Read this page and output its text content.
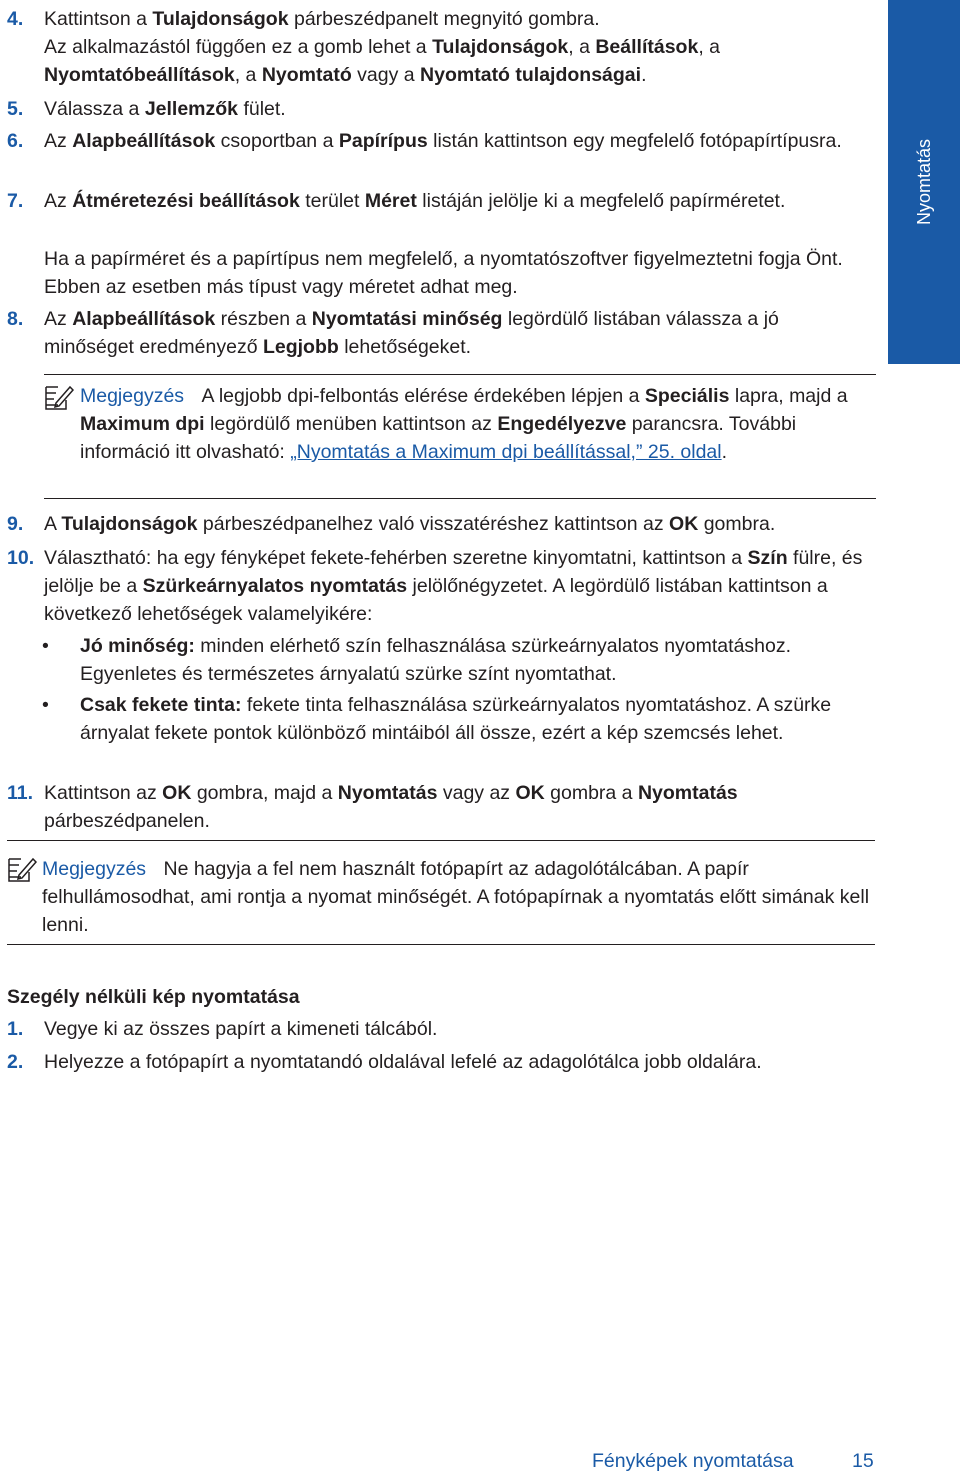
Nyomtatás
4. Kattintson a Tulajdonságok párbeszédpanelt megnyitó gombra.
Az alkalmazástól függően ez a gomb lehet a Tulajdonságok, a Beállítások, a Nyomtatóbeállítások, a Nyomtató vagy a Nyomtató tulajdonságai.
5. Válassza a Jellemzők fület.
6. Az Alapbeállítások csoportban a Papírípus listán kattintson egy megfelelő fotópapírtípusra.
7. Az Átméretezési beállítások terület Méret listáján jelölje ki a megfelelő papírméretet.
Ha a papírméret és a papírtípus nem megfelelő, a nyomtatószoftver figyelmeztetni fogja Önt. Ebben az esetben más típust vagy méretet adhat meg.
8. Az Alapbeállítások részben a Nyomtatási minőség legördülő listában válassza a jó minőséget eredményező Legjobb lehetőségeket.
Megjegyzés A legjobb dpi-felbontás elérése érdekében lépjen a Speciális lapra, majd a Maximum dpi legördülő menüben kattintson az Engedélyezve parancsra. További információ itt olvasható: „Nyomtatás a Maximum dpi beállítással,” 25. oldal.
9. A Tulajdonságok párbeszédpanelhez való visszatéréshez kattintson az OK gombra.
10. Választható: ha egy fényképet fekete-fehérben szeretne kinyomtatni, kattintson a Szín fülre, és jelölje be a Szürkeárnyalatos nyomtatás jelölőnégyzetet. A legördülő listában kattintson a következő lehetőségek valamelyikére:
• Jó minőség: minden elérhető szín felhasználása szürkeárnyalatos nyomtatáshoz. Egyenletes és természetes árnyalatú szürke színt nyomtathat.
• Csak fekete tinta: fekete tinta felhasználása szürkeárnyalatos nyomtatáshoz. A szürke árnyalat fekete pontok különböző mintáiból áll össze, ezért a kép szemcsés lehet.
11. Kattintson az OK gombra, majd a Nyomtatás vagy az OK gombra a Nyomtatás párbeszédpanelen.
Megjegyzés Ne hagyja a fel nem használt fotópapírt az adagolótálcában. A papír felhullámosodhat, ami rontja a nyomat minőségét. A fotópapírnak a nyomtatás előtt simának kell lenni.
Szegély nélküli kép nyomtatása
1. Vegye ki az összes papírt a kimeneti tálcából.
2. Helyezze a fotópapírt a nyomtatandó oldalával lefelé az adagolótálca jobb oldalára.
Fényképek nyomtatása	15
